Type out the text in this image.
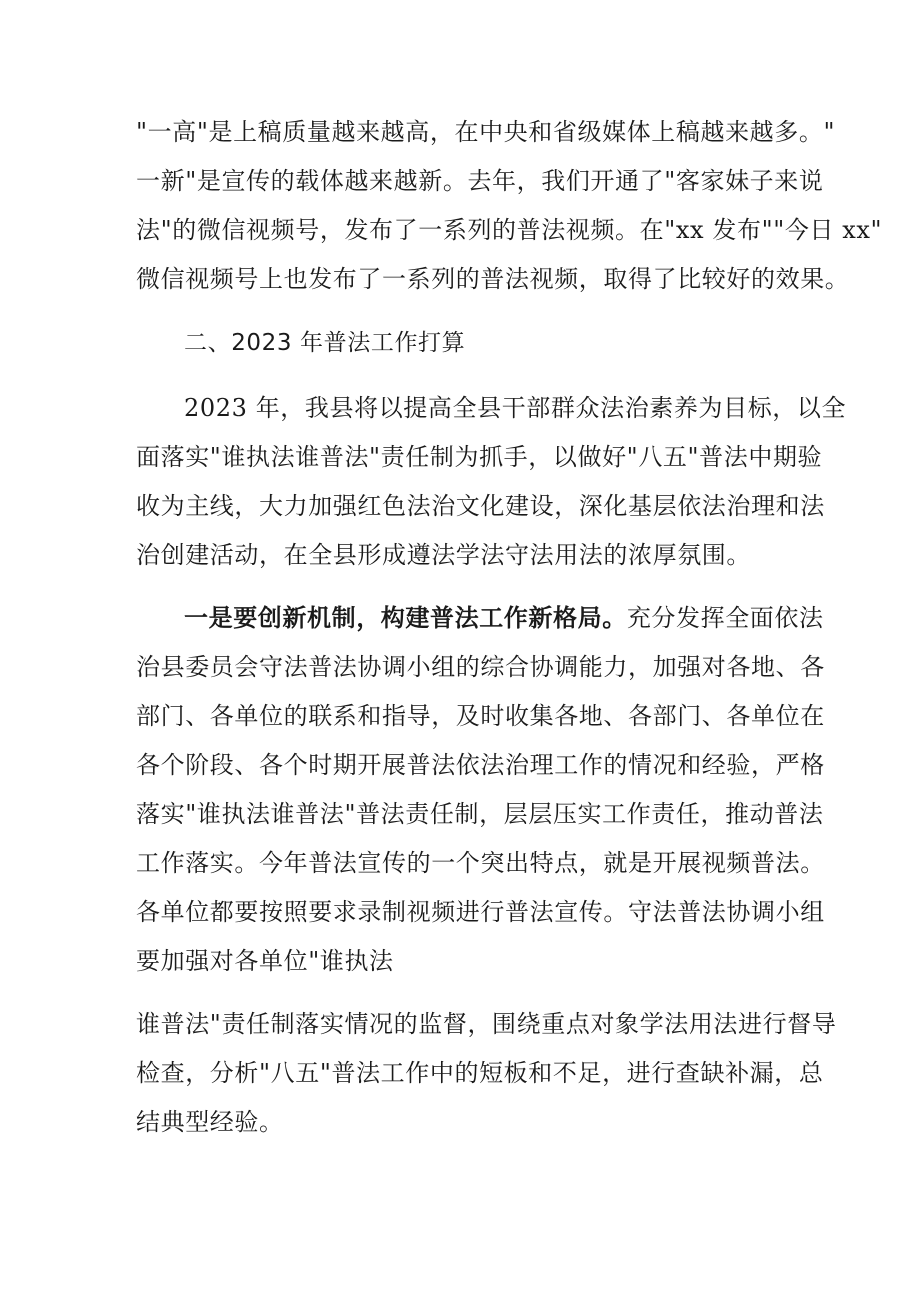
"一高"是上稿质量越来越高，在中央和省级媒体上稿越来越多。"
一新"是宣传的载体越来越新。去年，我们开通了"客家妹子来说
法"的微信视频号，发布了一系列的普法视频。在"xx 发布""今日 xx"
微信视频号上也发布了一系列的普法视频，取得了比较好的效果。
二、2023 年普法工作打算
2023 年，我县将以提高全县干部群众法治素养为目标，以全
面落实"谁执法谁普法"责任制为抓手，以做好"八五"普法中期验
收为主线，大力加强红色法治文化建设，深化基层依法治理和法
治创建活动，在全县形成遵法学法守法用法的浓厚氛围。
一是要创新机制，构建普法工作新格局。充分发挥全面依法
治县委员会守法普法协调小组的综合协调能力，加强对各地、各
部门、各单位的联系和指导，及时收集各地、各部门、各单位在
各个阶段、各个时期开展普法依法治理工作的情况和经验，严格
落实"谁执法谁普法"普法责任制，层层压实工作责任，推动普法
工作落实。今年普法宣传的一个突出特点，就是开展视频普法。
各单位都要按照要求录制视频进行普法宣传。守法普法协调小组
要加强对各单位"谁执法
谁普法"责任制落实情况的监督，围绕重点对象学法用法进行督导
检查，分析"八五"普法工作中的短板和不足，进行查缺补漏，总
结典型经验。
